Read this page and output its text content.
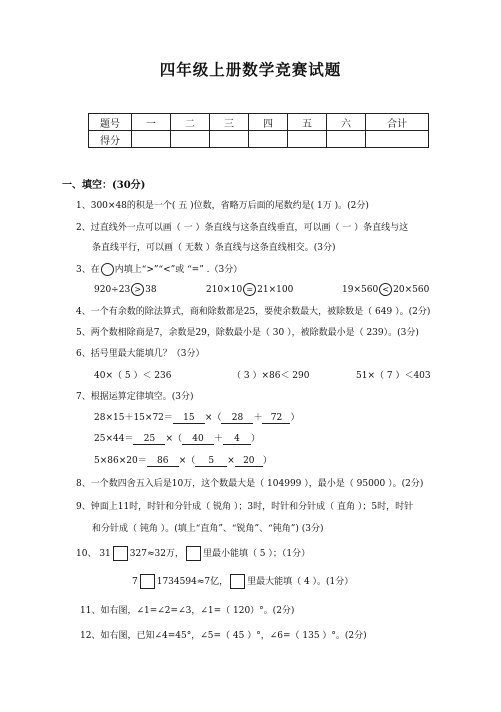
四年级上册数学竞赛试题
题号	一	二	三	四	五	六	合计
得分							
一、填空：(30分)
1、300×48的积是一个( 五 )位数，省略万后面的尾数约是( 1万 )。(2分)
2、过直线外一点可以画（ 一 ）条直线与这条直线垂直，可以画（ 一 ）条直线与这
条直线平行，可以画（ 无数 ）条直线与这条直线相交。(3分)
3、在 内填上“>”“<”或 “=” .（3分）
920÷23 > 38	210×10 = 21×100	19×560 < 20×560
4、一个有余数的除法算式，商和除数都是25，要使余数最大，被除数是（ 649 ）。(2分)
5、两个数相除商是7，余数是29，除数最小是（ 30 ），被除数最小是（ 239）。(3分)
6、括号里最大能填几？（3分）
40×（ 5 ）＜ 236	（ 3 ）×86＜ 290	51×（ 7 ）＜403
7、根据运算定律填空。(3分)
28×15＋15×72＝ 15 ×（ 28 ＋ 72 ）
25×44＝ 25 ×（ 40 ＋ 4 ）
5×86×20＝ 86 ×（ 5 × 20 ）
8、一个数四舍五入后是10万，这个数最大是（ 104999 ），最小是（ 95000 ）。(2分)
9、钟面上11时，时针和分针成（ 锐角 ）；3时，时针和分针成（ 直角 ）；5时，时针
和分针成（ 钝角 ）。(填上“直角”、“锐角”、“钝角”) (3分)
10、 31 327≈32万， 里最小能填（ 5 ）；（1分）
7 1734594≈7亿， 里最大能填（ 4 ）。(1分）
11、如右图，∠1=∠2=∠3，∠1=（ 120）°。(2分)
12、如右图，已知∠4=45°，∠5=（ 45 ）°，∠6=（ 135 ）°。(2分)
